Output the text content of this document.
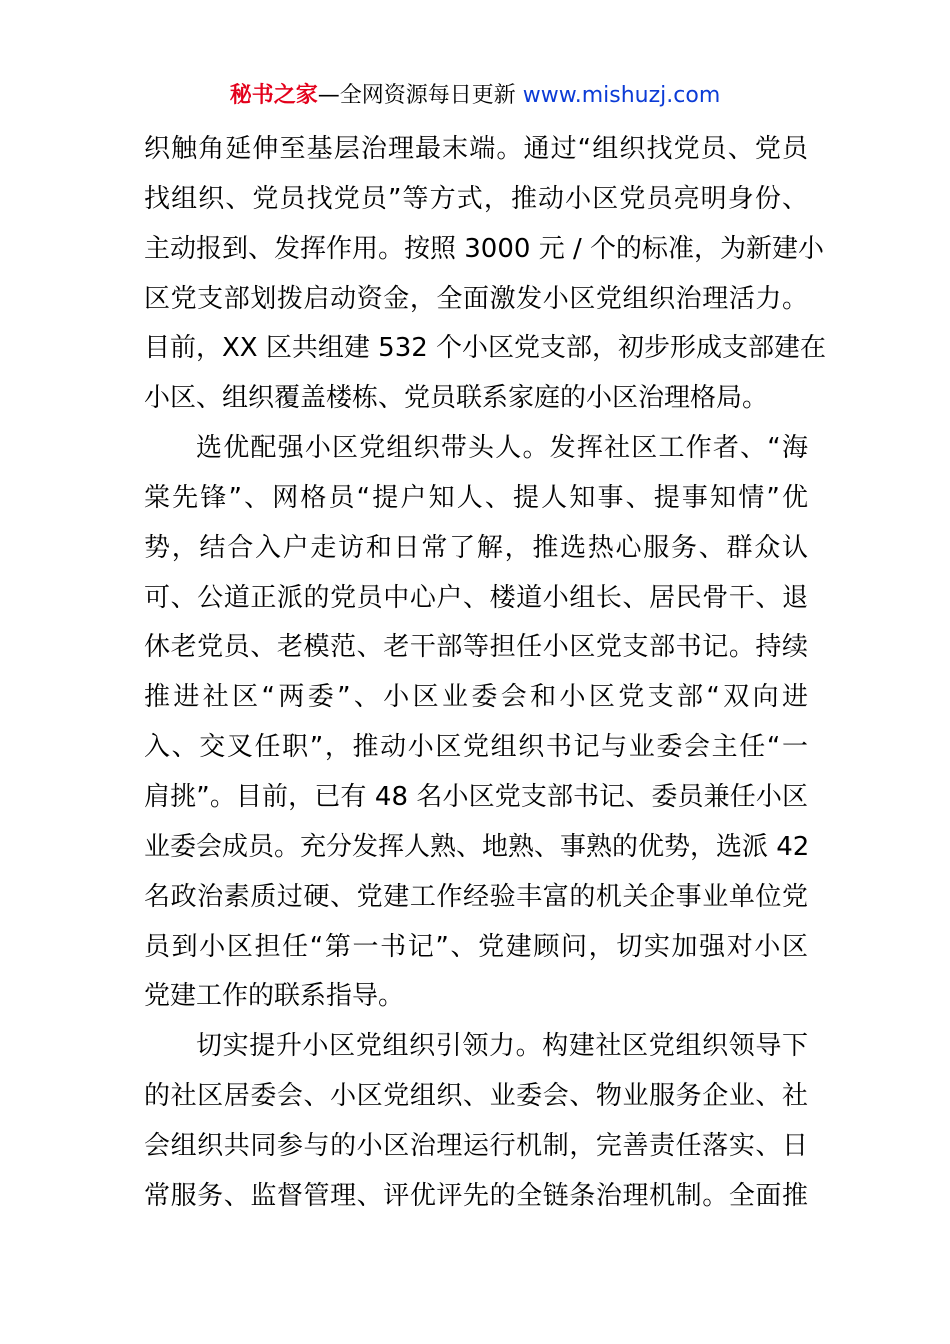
秘书之家—全网资源每日更新 www.mishuzj.com
织触角延伸至基层治理最末端。通过“组织找党员、党员
找组织、党员找党员”等方式，推动小区党员亮明身份、
主动报到、发挥作用。按照 3000 元 / 个的标准，为新建小
区党支部划拨启动资金，全面激发小区党组织治理活力。
目前，XX 区共组建 532 个小区党支部，初步形成支部建在
小区、组织覆盖楼栋、党员联系家庭的小区治理格局。
选优配强小区党组织带头人。发挥社区工作者、“海
棠先锋”、网格员“提户知人、提人知事、提事知情”优
势，结合入户走访和日常了解，推选热心服务、群众认
可、公道正派的党员中心户、楼道小组长、居民骨干、退
休老党员、老模范、老干部等担任小区党支部书记。持续
推进社区“两委”、小区业委会和小区党支部“双向进
入、交叉任职”，推动小区党组织书记与业委会主任“一
肩挑”。目前，已有 48 名小区党支部书记、委员兼任小区
业委会成员。充分发挥人熟、地熟、事熟的优势，选派 42
名政治素质过硬、党建工作经验丰富的机关企事业单位党
员到小区担任“第一书记”、党建顾问，切实加强对小区
党建工作的联系指导。
切实提升小区党组织引领力。构建社区党组织领导下
的社区居委会、小区党组织、业委会、物业服务企业、社
会组织共同参与的小区治理运行机制，完善责任落实、日
常服务、监督管理、评优评先的全链条治理机制。全面推
